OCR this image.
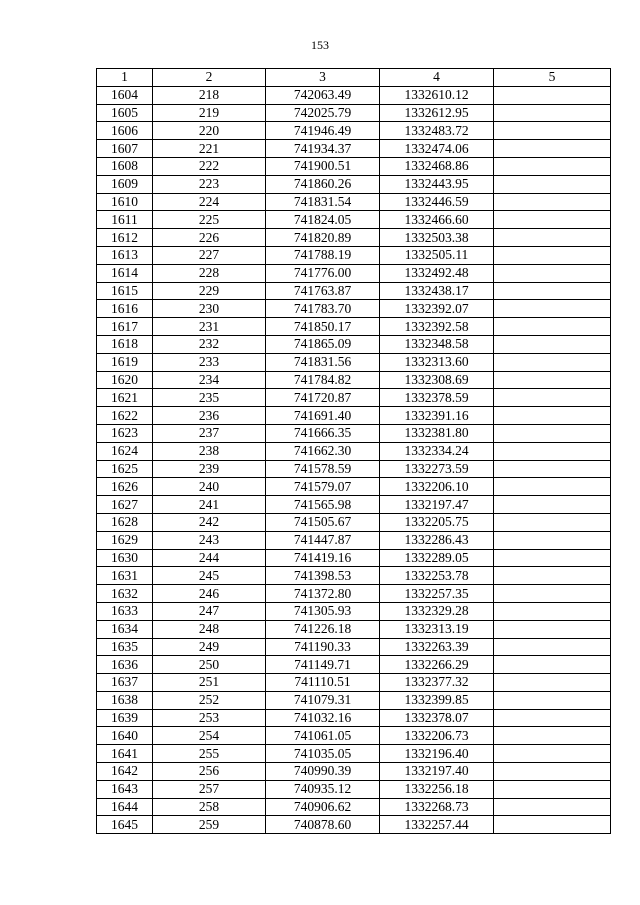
153
1	2	3	4	5
1604	218	742063.49	1332610.12	
1605	219	742025.79	1332612.95	
1606	220	741946.49	1332483.72	
1607	221	741934.37	1332474.06	
1608	222	741900.51	1332468.86	
1609	223	741860.26	1332443.95	
1610	224	741831.54	1332446.59	
1611	225	741824.05	1332466.60	
1612	226	741820.89	1332503.38	
1613	227	741788.19	1332505.11	
1614	228	741776.00	1332492.48	
1615	229	741763.87	1332438.17	
1616	230	741783.70	1332392.07	
1617	231	741850.17	1332392.58	
1618	232	741865.09	1332348.58	
1619	233	741831.56	1332313.60	
1620	234	741784.82	1332308.69	
1621	235	741720.87	1332378.59	
1622	236	741691.40	1332391.16	
1623	237	741666.35	1332381.80	
1624	238	741662.30	1332334.24	
1625	239	741578.59	1332273.59	
1626	240	741579.07	1332206.10	
1627	241	741565.98	1332197.47	
1628	242	741505.67	1332205.75	
1629	243	741447.87	1332286.43	
1630	244	741419.16	1332289.05	
1631	245	741398.53	1332253.78	
1632	246	741372.80	1332257.35	
1633	247	741305.93	1332329.28	
1634	248	741226.18	1332313.19	
1635	249	741190.33	1332263.39	
1636	250	741149.71	1332266.29	
1637	251	741110.51	1332377.32	
1638	252	741079.31	1332399.85	
1639	253	741032.16	1332378.07	
1640	254	741061.05	1332206.73	
1641	255	741035.05	1332196.40	
1642	256	740990.39	1332197.40	
1643	257	740935.12	1332256.18	
1644	258	740906.62	1332268.73	
1645	259	740878.60	1332257.44	
